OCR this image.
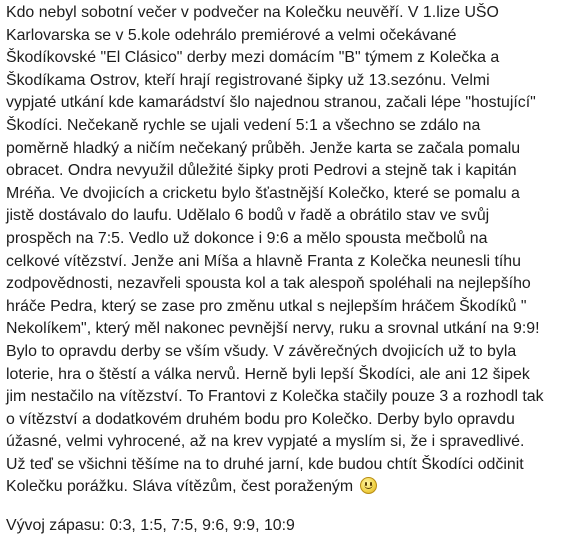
Kdo nebyl sobotní večer v podvečer na Kolečku neuvěří. V 1.lize UŠO
Karlovarska se v 5.kole odehrálo premiérové a velmi očekávané
Škodíkovské "El Clásico" derby mezi domácím "B" týmem z Kolečka a
Škodíkama Ostrov, kteří hrají registrované šipky už 13.sezónu. Velmi
vypjaté utkání kde kamarádství šlo najednou stranou, začali lépe "hostující"
Škodíci. Nečekaně rychle se ujali vedení 5:1 a všechno se zdálo na
poměrně hladký a ničím nečekaný průběh. Jenže karta se začala pomalu
obracet. Ondra nevyužil důležité šipky proti Pedrovi a stejně tak i kapitán
Mréňa. Ve dvojicích a cricketu bylo šťastnější Kolečko, které se pomalu a
jistě dostávalo do laufu. Udělalo 6 bodů v řadě a obrátilo stav ve svůj
prospěch na 7:5. Vedlo už dokonce i 9:6 a mělo spousta mečbolů na
celkové vítězství. Jenže ani Míša a hlavně Franta z Kolečka neunesli tíhu
zodpovědnosti, nezavřeli spousta kol a tak alespoň spoléhali na nejlepšího
hráče Pedra, který se zase pro změnu utkal s nejlepším hráčem Škodíků "
Nekolíkem", který měl nakonec pevnější nervy, ruku a srovnal utkání na 9:9!
Bylo to opravdu derby se vším všudy. V závěrečných dvojicích už to byla
loterie, hra o štěstí a válka nervů. Herně byli lepší Škodíci, ale ani 12 šipek
jim nestačilo na vítězství. To Frantovi z Kolečka stačily pouze 3 a rozhodl tak
o vítězství a dodatkovém druhém bodu pro Kolečko. Derby bylo opravdu
úžasné, velmi vyhrocené, až na krev vypjaté a myslím si, že i spravedlivé.
Už teď se všichni těšíme na to druhé jarní, kde budou chtít Škodíci odčinit
Kolečku porážku. Sláva vítězům, čest poraženým
Vývoj zápasu: 0:3, 1:5, 7:5, 9:6, 9:9, 10:9
